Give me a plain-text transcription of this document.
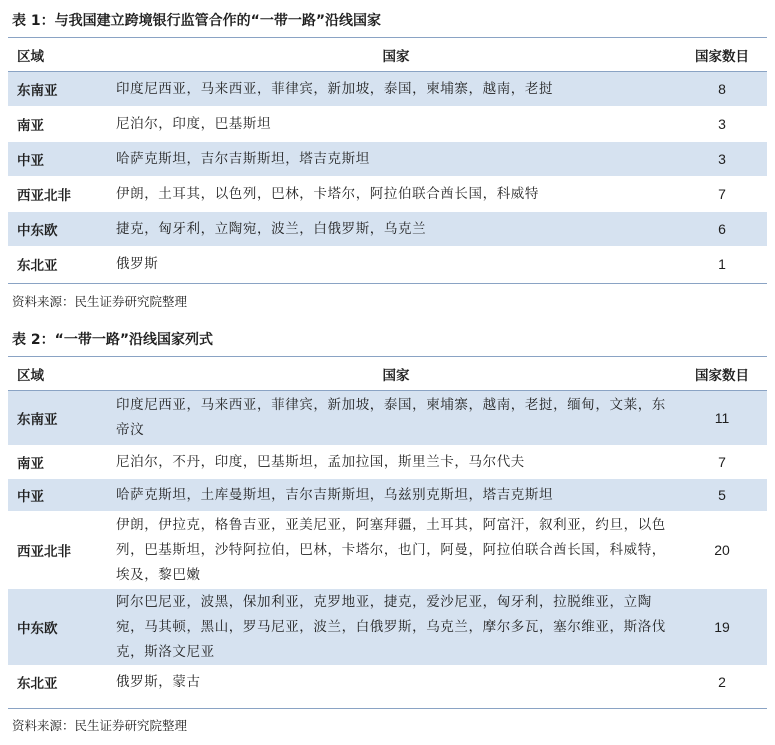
表 1：与我国建立跨境银行监管合作的“一带一路”沿线国家
区域	国家	国家数目
东南亚	印度尼西亚，马来西亚，菲律宾，新加坡，泰国，柬埔寨，越南，老挝	8
南亚	尼泊尔，印度，巴基斯坦	3
中亚	哈萨克斯坦，吉尔吉斯斯坦，塔吉克斯坦	3
西亚北非	伊朗，土耳其，以色列，巴林，卡塔尔，阿拉伯联合酋长国，科威特	7
中东欧	捷克，匈牙利，立陶宛，波兰，白俄罗斯，乌克兰	6
东北亚	俄罗斯	1
资料来源：民生证券研究院整理
表 2：“一带一路”沿线国家列式
区域	国家	国家数目
东南亚	印度尼西亚，马来西亚，菲律宾，新加坡，泰国，柬埔寨，越南，老挝，缅甸，文莱，东帝汶	11
南亚	尼泊尔，不丹，印度，巴基斯坦，孟加拉国，斯里兰卡，马尔代夫	7
中亚	哈萨克斯坦，土库曼斯坦，吉尔吉斯斯坦，乌兹别克斯坦，塔吉克斯坦	5
西亚北非	伊朗，伊拉克，格鲁吉亚，亚美尼亚，阿塞拜疆，土耳其，阿富汗，叙利亚，约旦，以色列，巴基斯坦，沙特阿拉伯，巴林，卡塔尔，也门，阿曼，阿拉伯联合酋长国，科威特，埃及，黎巴嫩	20
中东欧	阿尔巴尼亚，波黑，保加利亚，克罗地亚，捷克，爱沙尼亚，匈牙利，拉脱维亚，立陶宛，马其顿，黑山，罗马尼亚，波兰，白俄罗斯，乌克兰，摩尔多瓦，塞尔维亚，斯洛伐克，斯洛文尼亚	19
东北亚	俄罗斯，蒙古	2
资料来源：民生证券研究院整理
